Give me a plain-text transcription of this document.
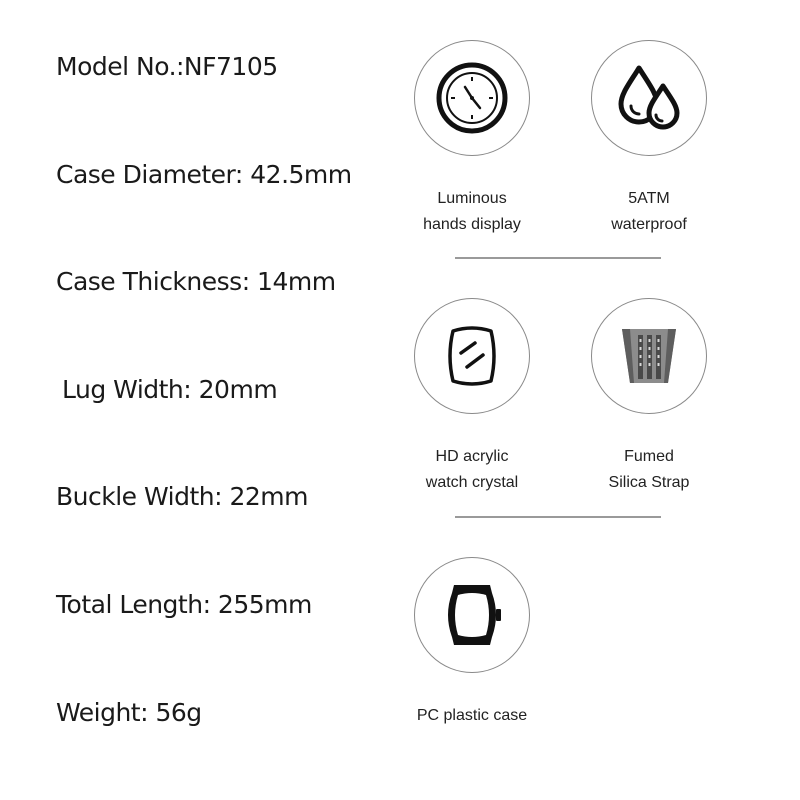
Model No.:NF7105
Case Diameter: 42.5mm
Case Thickness: 14mm
Lug Width: 20mm
Buckle Width: 22mm
Total Length: 255mm
Weight: 56g
Luminous
hands display
5ATM
waterproof
HD acrylic
watch crystal
Fumed
Silica Strap
PC plastic case
